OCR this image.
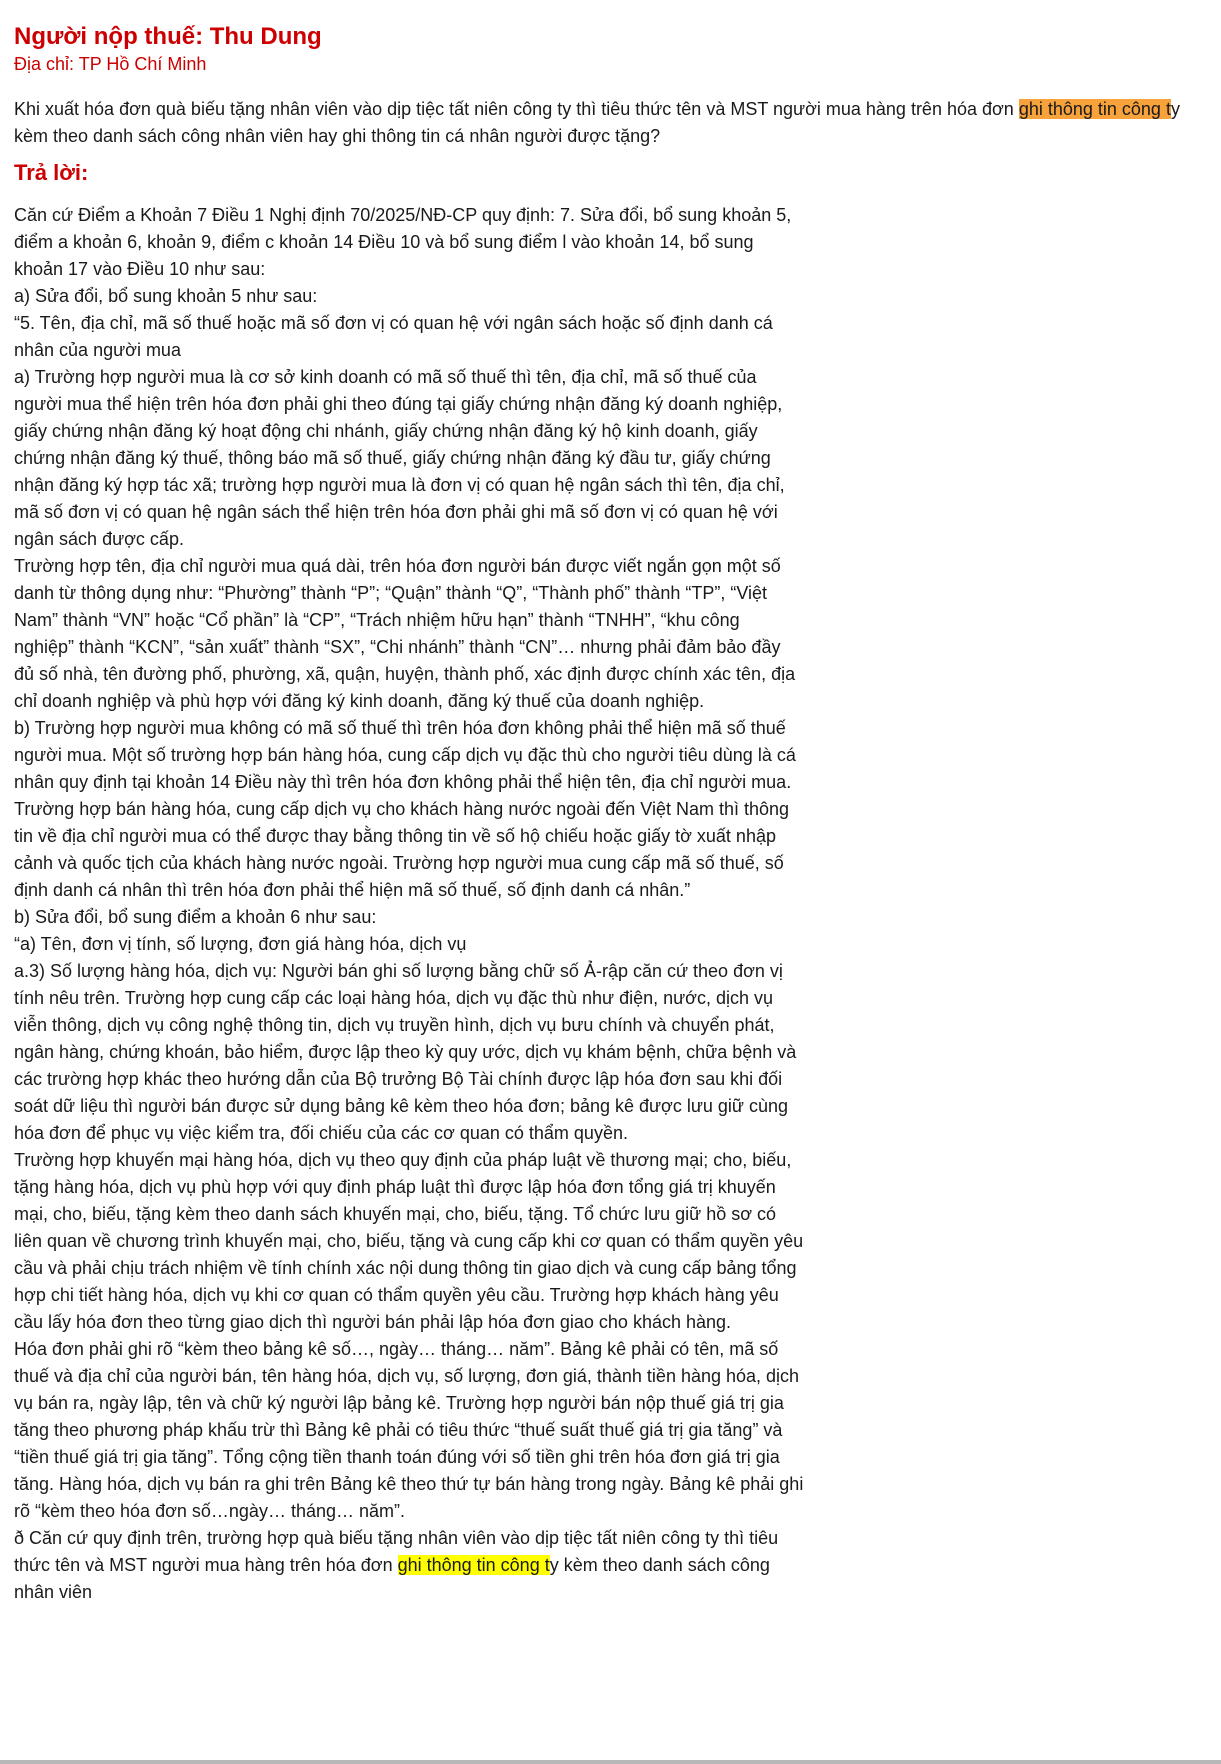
Người nộp thuế: Thu Dung
Địa chỉ: TP Hồ Chí Minh

Khi xuất hóa đơn quà biếu tặng nhân viên vào dịp tiệc tất niên công ty thì tiêu thức tên và MST người mua hàng trên hóa đơn ghi thông tin công ty kèm theo danh sách công nhân viên hay ghi thông tin cá nhân người được tặng?

Trả lời:

Căn cứ Điểm a Khoản 7 Điều 1 Nghị định 70/2025/NĐ-CP quy định: 7. Sửa đổi, bổ sung khoản 5, điểm a khoản 6, khoản 9, điểm c khoản 14 Điều 10 và bổ sung điểm l vào khoản 14, bổ sung khoản 17 vào Điều 10 như sau:

a) Sửa đổi, bổ sung khoản 5 như sau:

“5. Tên, địa chỉ, mã số thuế hoặc mã số đơn vị có quan hệ với ngân sách hoặc số định danh cá nhân của người mua

a) Trường hợp người mua là cơ sở kinh doanh có mã số thuế thì tên, địa chỉ, mã số thuế của người mua thể hiện trên hóa đơn phải ghi theo đúng tại giấy chứng nhận đăng ký doanh nghiệp, giấy chứng nhận đăng ký hoạt động chi nhánh, giấy chứng nhận đăng ký hộ kinh doanh, giấy chứng nhận đăng ký thuế, thông báo mã số thuế, giấy chứng nhận đăng ký đầu tư, giấy chứng nhận đăng ký hợp tác xã; trường hợp người mua là đơn vị có quan hệ ngân sách thì tên, địa chỉ, mã số đơn vị có quan hệ ngân sách thể hiện trên hóa đơn phải ghi mã số đơn vị có quan hệ với ngân sách được cấp.

Trường hợp tên, địa chỉ người mua quá dài, trên hóa đơn người bán được viết ngắn gọn một số danh từ thông dụng như: “Phường” thành “P”; “Quận” thành “Q”, “Thành phố” thành “TP”, “Việt Nam” thành “VN” hoặc “Cổ phần” là “CP”, “Trách nhiệm hữu hạn” thành “TNHH”, “khu công nghiệp” thành “KCN”, “sản xuất” thành “SX”, “Chi nhánh” thành “CN”… nhưng phải đảm bảo đầy đủ số nhà, tên đường phố, phường, xã, quận, huyện, thành phố, xác định được chính xác tên, địa chỉ doanh nghiệp và phù hợp với đăng ký kinh doanh, đăng ký thuế của doanh nghiệp.

b) Trường hợp người mua không có mã số thuế thì trên hóa đơn không phải thể hiện mã số thuế người mua. Một số trường hợp bán hàng hóa, cung cấp dịch vụ đặc thù cho người tiêu dùng là cá nhân quy định tại khoản 14 Điều này thì trên hóa đơn không phải thể hiện tên, địa chỉ người mua. Trường hợp bán hàng hóa, cung cấp dịch vụ cho khách hàng nước ngoài đến Việt Nam thì thông tin về địa chỉ người mua có thể được thay bằng thông tin về số hộ chiếu hoặc giấy tờ xuất nhập cảnh và quốc tịch của khách hàng nước ngoài. Trường hợp người mua cung cấp mã số thuế, số định danh cá nhân thì trên hóa đơn phải thể hiện mã số thuế, số định danh cá nhân.”

b) Sửa đổi, bổ sung điểm a khoản 6 như sau:

“a) Tên, đơn vị tính, số lượng, đơn giá hàng hóa, dịch vụ

a.3) Số lượng hàng hóa, dịch vụ: Người bán ghi số lượng bằng chữ số Ả-rập căn cứ theo đơn vị tính nêu trên. Trường hợp cung cấp các loại hàng hóa, dịch vụ đặc thù như điện, nước, dịch vụ viễn thông, dịch vụ công nghệ thông tin, dịch vụ truyền hình, dịch vụ bưu chính và chuyển phát, ngân hàng, chứng khoán, bảo hiểm, được lập theo kỳ quy ước, dịch vụ khám bệnh, chữa bệnh và các trường hợp khác theo hướng dẫn của Bộ trưởng Bộ Tài chính được lập hóa đơn sau khi đối soát dữ liệu thì người bán được sử dụng bảng kê kèm theo hóa đơn; bảng kê được lưu giữ cùng hóa đơn để phục vụ việc kiểm tra, đối chiếu của các cơ quan có thẩm quyền.

Trường hợp khuyến mại hàng hóa, dịch vụ theo quy định của pháp luật về thương mại; cho, biếu, tặng hàng hóa, dịch vụ phù hợp với quy định pháp luật thì được lập hóa đơn tổng giá trị khuyến mại, cho, biếu, tặng kèm theo danh sách khuyến mại, cho, biếu, tặng. Tổ chức lưu giữ hồ sơ có liên quan về chương trình khuyến mại, cho, biếu, tặng và cung cấp khi cơ quan có thẩm quyền yêu cầu và phải chịu trách nhiệm về tính chính xác nội dung thông tin giao dịch và cung cấp bảng tổng hợp chi tiết hàng hóa, dịch vụ khi cơ quan có thẩm quyền yêu cầu. Trường hợp khách hàng yêu cầu lấy hóa đơn theo từng giao dịch thì người bán phải lập hóa đơn giao cho khách hàng.

Hóa đơn phải ghi rõ “kèm theo bảng kê số…, ngày… tháng… năm”. Bảng kê phải có tên, mã số thuế và địa chỉ của người bán, tên hàng hóa, dịch vụ, số lượng, đơn giá, thành tiền hàng hóa, dịch vụ bán ra, ngày lập, tên và chữ ký người lập bảng kê. Trường hợp người bán nộp thuế giá trị gia tăng theo phương pháp khấu trừ thì Bảng kê phải có tiêu thức “thuế suất thuế giá trị gia tăng” và “tiền thuế giá trị gia tăng”. Tổng cộng tiền thanh toán đúng với số tiền ghi trên hóa đơn giá trị gia tăng. Hàng hóa, dịch vụ bán ra ghi trên Bảng kê theo thứ tự bán hàng trong ngày. Bảng kê phải ghi rõ “kèm theo hóa đơn số…ngày… tháng… năm”.

ð Căn cứ quy định trên, trường hợp quà biếu tặng nhân viên vào dịp tiệc tất niên công ty thì tiêu thức tên và MST người mua hàng trên hóa đơn ghi thông tin công ty kèm theo danh sách công nhân viên
